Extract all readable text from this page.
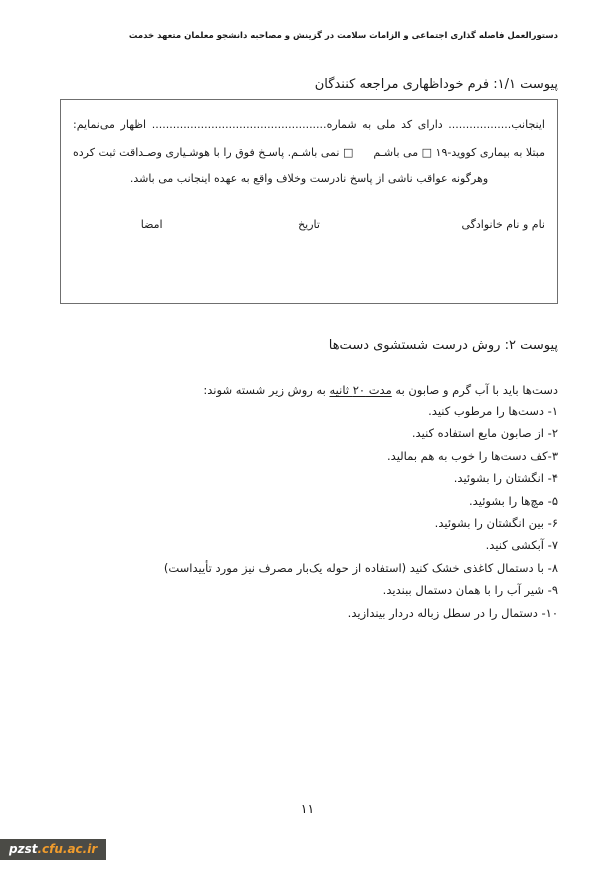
دستورالعمل فاصله گذاری اجتماعی و الزامات سلامت در گزینش و مصاحبه دانشجو معلمان متعهد خدمت
پیوست ۱/۱: فرم خوداظهاری مراجعه کنندگان
اینجانب.................. دارای کد ملی به شماره.................................................. اظهار می‌نمایم:
مبتلا به بیماری کووید-۱۹ □ می باشـم□ نمی باشـم. پاسـخ فوق را با هوشـیاری وصـداقت ثبت کرده
وهرگونه عواقب ناشی از پاسخ نادرست وخلاف واقع به عهده اینجانب می باشد.
نام و نام خانوادگی
تاریخ
امضا
پیوست ۲: روش درست شستشوی دست‌ها
دست‌ها باید با آب گرم و صابون به مدت ۲۰ ثانیه به روش زیر شسته شوند:
۱- دست‌ها را مرطوب کنید.
۲- از صابون مایع استفاده کنید.
۳-کف دست‌ها را خوب به هم بمالید.
۴- انگشتان را بشوئید.
۵- مچ‌ها را بشوئید.
۶- بین انگشتان را بشوئید.
۷- آبکشی کنید.
۸- با دستمال کاغذی خشک کنید (استفاده از حوله یک‌بار مصرف نیز مورد تأییداست)
۹- شیر آب را با همان دستمال ببندید.
۱۰- دستمال را در سطل زباله دردار بیندازید.
۱۱
pzst.cfu.ac.ir
